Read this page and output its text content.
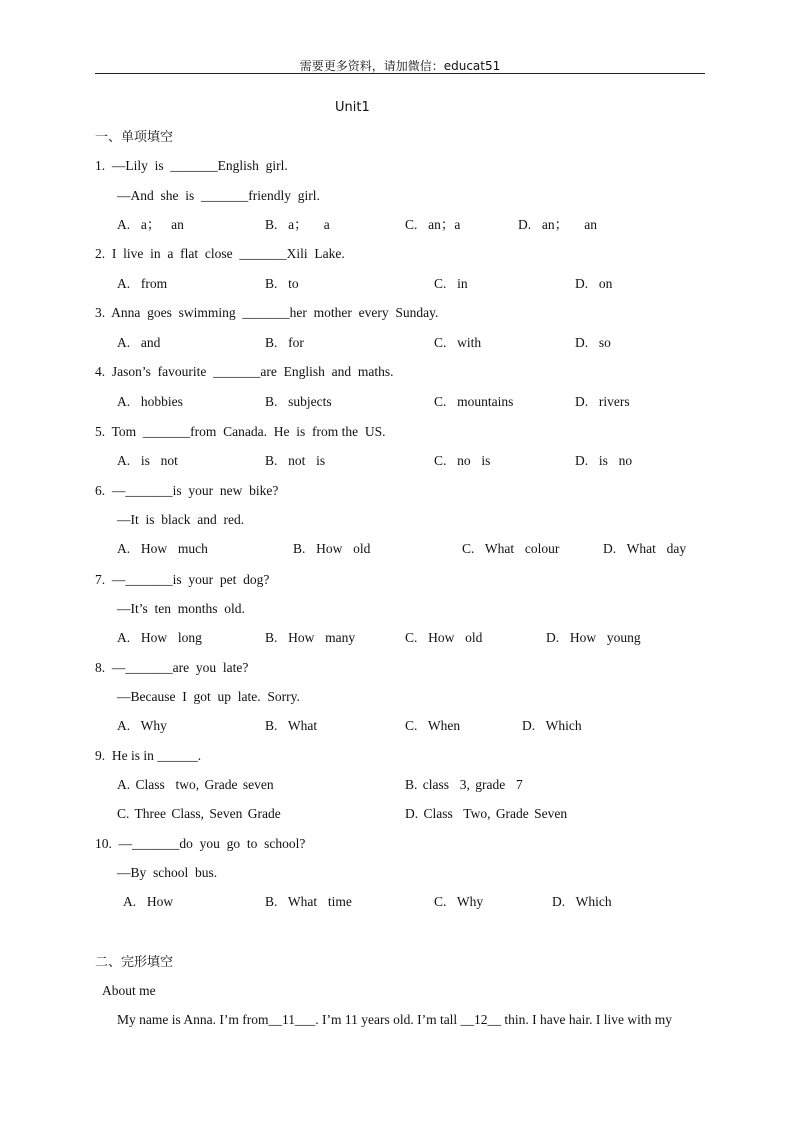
需要更多资料，请加微信：educat51
Unit1
一、单项填空
1.  —Lily  is  _______English  girl.
—And  she  is  _______friendly  girl.
A.  a；  an	B.  a；   a	C.  an；a	D.  an；   an
2.  I  live  in  a  flat  close  _______Xili  Lake.
A.  from	B.  to	C.  in	D.  on
3.  Anna  goes  swimming  _______her  mother  every  Sunday.
A.  and	B.  for	C.  with	D.  so
4.  Jason’s  favourite  _______are  English  and  maths.
A.  hobbies	B.  subjects	C.  mountains	D.  rivers
5.  Tom  _______from  Canada.  He  is  from the  US.
A.  is  not	B.  not  is	C.  no  is	D.  is  no
6.  —_______is  your  new  bike?
—It  is  black  and  red.
A.  How  much	B.  How  old	C.  What  colour	D.  What  day
7.  —_______is  your  pet  dog?
—It’s  ten  months  old.
A.  How  long	B.  How  many	C.  How  old	D.  How  young
8.  —_______are  you  late?
—Because  I  got  up  late.  Sorry.
A.  Why	B.  What	C.  When	D.  Which
9.  He is in ______.
A. Class  two, Grade seven	B. class  3, grade  7
C. Three Class, Seven Grade	D. Class  Two, Grade Seven
10.  —_______do  you  go  to  school?
—By  school  bus.
A.  How	B.  What  time	C.  Why	D.  Which
二、完形填空
About me
My name is Anna. I’m from__11___. I’m 11 years old. I’m tall __12__ thin. I have hair. I live with my
